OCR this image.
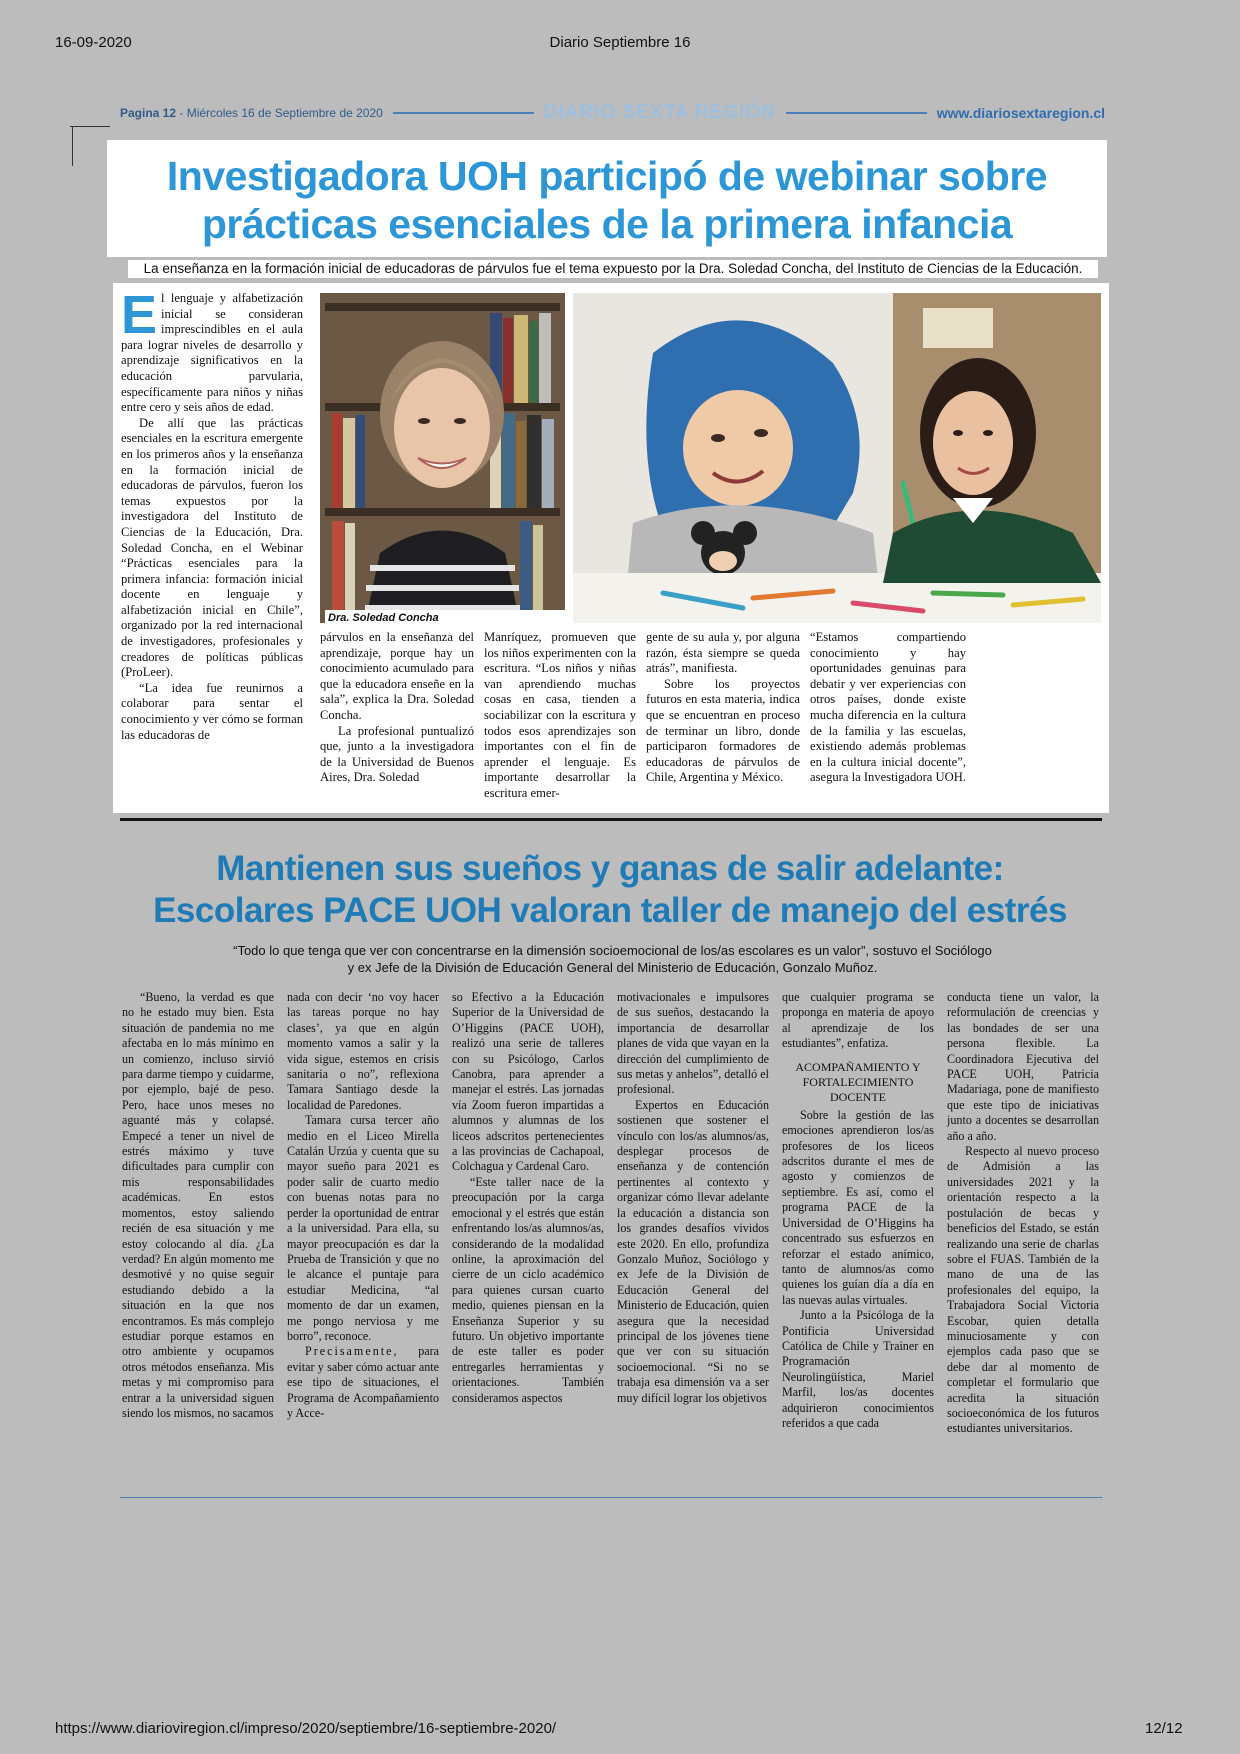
16-09-2020	Diario Septiembre 16
https://www.diarioviregion.cl/impreso/2020/septiembre/16-septiembre-2020/	12/12
Pagina 12 - Miércoles 16 de Septiembre de 2020	DIARIO SEXTA REGIÓN	www.diariosextaregion.cl
Investigadora UOH participó de webinar sobre
prácticas esenciales de la primera infancia
La enseñanza en la formación inicial de educadoras de párvulos fue el tema expuesto por la Dra. Soledad Concha, del Instituto de Ciencias de la Educación.

El lenguaje y alfabetización inicial se consideran imprescindibles en el aula para lograr niveles de desarrollo y aprendizaje significativos en la educación parvularia, específicamente para niños y niñas entre cero y seis años de edad.

De allí que las prácticas esenciales en la escritura emergente en los primeros años y la enseñanza en la formación inicial de educadoras de párvulos, fueron los temas expuestos por la investigadora del Instituto de Ciencias de la Educación, Dra. Soledad Concha, en el Webinar “Prácticas esenciales para la primera infancia: formación inicial docente en lenguaje y alfabetización inicial en Chile”, organizado por la red internacional de investigadores, profesionales y creadores de políticas públicas (ProLeer).

“La idea fue reunirnos a colaborar para sentar el conocimiento y ver cómo se forman las educadoras de

Dra. Soledad Concha

párvulos en la enseñanza del aprendizaje, porque hay un conocimiento acumulado para que la educadora enseñe en la sala”, explica la Dra. Soledad Concha.

La profesional puntualizó que, junto a la investigadora de la Universidad de Buenos Aires, Dra. Soledad

Manríquez, promueven que los niños experimenten con la escritura. “Los niños y niñas van aprendiendo muchas cosas en casa, tienden a sociabilizar con la escritura y todos esos aprendizajes son importantes con el fin de aprender el lenguaje. Es importante desarrollar la escritura emer-

gente de su aula y, por alguna razón, ésta siempre se queda atrás”, manifiesta.

Sobre los proyectos futuros en esta materia, indica que se encuentran en proceso de terminar un libro, donde participaron formadores de educadoras de párvulos de Chile, Argentina y México.

“Estamos compartiendo conocimiento y hay oportunidades genuinas para debatir y ver experiencias con otros países, donde existe mucha diferencia en la cultura de la familia y las escuelas, existiendo además problemas en la cultura inicial docente”, asegura la Investigadora UOH.

Mantienen sus sueños y ganas de salir adelante:
Escolares PACE UOH valoran taller de manejo del estrés
“Todo lo que tenga que ver con concentrarse en la dimensión socioemocional de los/as escolares es un valor”, sostuvo el Sociólogo
y ex Jefe de la División de Educación General del Ministerio de Educación, Gonzalo Muñoz.

“Bueno, la verdad es que no he estado muy bien. Esta situación de pandemia no me afectaba en lo más mínimo en un comienzo, incluso sirvió para darme tiempo y cuidarme, por ejemplo, bajé de peso. Pero, hace unos meses no aguanté más y colapsé. Empecé a tener un nivel de estrés máximo y tuve dificultades para cumplir con mis responsabilidades académicas. En estos momentos, estoy saliendo recién de esa situación y me estoy colocando al día. ¿La verdad? En algún momento me desmotivé y no quise seguir estudiando debido a la situación en la que nos encontramos. Es más complejo estudiar porque estamos en otro ambiente y ocupamos otros métodos enseñanza. Mis metas y mi compromiso para entrar a la universidad siguen siendo los mismos, no sacamos

nada con decir ‘no voy hacer las tareas porque no hay clases’, ya que en algún momento vamos a salir y la vida sigue, estemos en crisis sanitaria o no”, reflexiona Tamara Santiago desde la localidad de Paredones.

Tamara cursa tercer año medio en el Liceo Mirella Catalán Urzúa y cuenta que su mayor sueño para 2021 es poder salir de cuarto medio con buenas notas para no perder la oportunidad de entrar a la universidad. Para ella, su mayor preocupación es dar la Prueba de Transición y que no le alcance el puntaje para estudiar Medicina, “al momento de dar un examen, me pongo nerviosa y me borro”, reconoce.

Precisamente, para evitar y saber cómo actuar ante ese tipo de situaciones, el Programa de Acompañamiento y Acce-

so Efectivo a la Educación Superior de la Universidad de O’Higgins (PACE UOH), realizó una serie de talleres con su Psicólogo, Carlos Canobra, para aprender a manejar el estrés. Las jornadas vía Zoom fueron impartidas a alumnos y alumnas de los liceos adscritos pertenecientes a las provincias de Cachapoal, Colchagua y Cardenal Caro.

“Este taller nace de la preocupación por la carga emocional y el estrés que están enfrentando los/as alumnos/as, considerando de la modalidad online, la aproximación del cierre de un ciclo académico para quienes cursan cuarto medio, quienes piensan en la Enseñanza Superior y su futuro. Un objetivo importante de este taller es poder entregarles herramientas y orientaciones. También consideramos aspectos

motivacionales e impulsores de sus sueños, destacando la importancia de desarrollar planes de vida que vayan en la dirección del cumplimiento de sus metas y anhelos”, detalló el profesional.

Expertos en Educación sostienen que sostener el vínculo con los/as alumnos/as, desplegar procesos de enseñanza y de contención pertinentes al contexto y organizar cómo llevar adelante la educación a distancia son los grandes desafíos vividos este 2020. En ello, profundiza Gonzalo Muñoz, Sociólogo y ex Jefe de la División de Educación General del Ministerio de Educación, quien asegura que la necesidad principal de los jóvenes tiene que ver con su situación socioemocional. “Si no se trabaja esa dimensión va a ser muy difícil lograr los objetivos

que cualquier programa se proponga en materia de apoyo al aprendizaje de los estudiantes”, enfatiza.

ACOMPAÑAMIENTO Y FORTALECIMIENTO DOCENTE

Sobre la gestión de las emociones aprendieron los/as profesores de los liceos adscritos durante el mes de agosto y comienzos de septiembre. Es así, como el programa PACE de la Universidad de O’Higgins ha concentrado sus esfuerzos en reforzar el estado anímico, tanto de alumnos/as como quienes los guían día a día en las nuevas aulas virtuales.

Junto a la Psicóloga de la Pontificia Universidad Católica de Chile y Trainer en Programación Neurolingüística, Mariel Marfil, los/as docentes adquirieron conocimientos referidos a que cada

conducta tiene un valor, la reformulación de creencias y las bondades de ser una persona flexible. La Coordinadora Ejecutiva del PACE UOH, Patricia Madariaga, pone de manifiesto que este tipo de iniciativas junto a docentes se desarrollan año a año.

Respecto al nuevo proceso de Admisión a las universidades 2021 y la orientación respecto a la postulación de becas y beneficios del Estado, se están realizando una serie de charlas sobre el FUAS. También de la mano de una de las profesionales del equipo, la Trabajadora Social Victoria Escobar, quien detalla minuciosamente y con ejemplos cada paso que se debe dar al momento de completar el formulario que acredita la situación socioeconómica de los futuros estudiantes universitarios.
